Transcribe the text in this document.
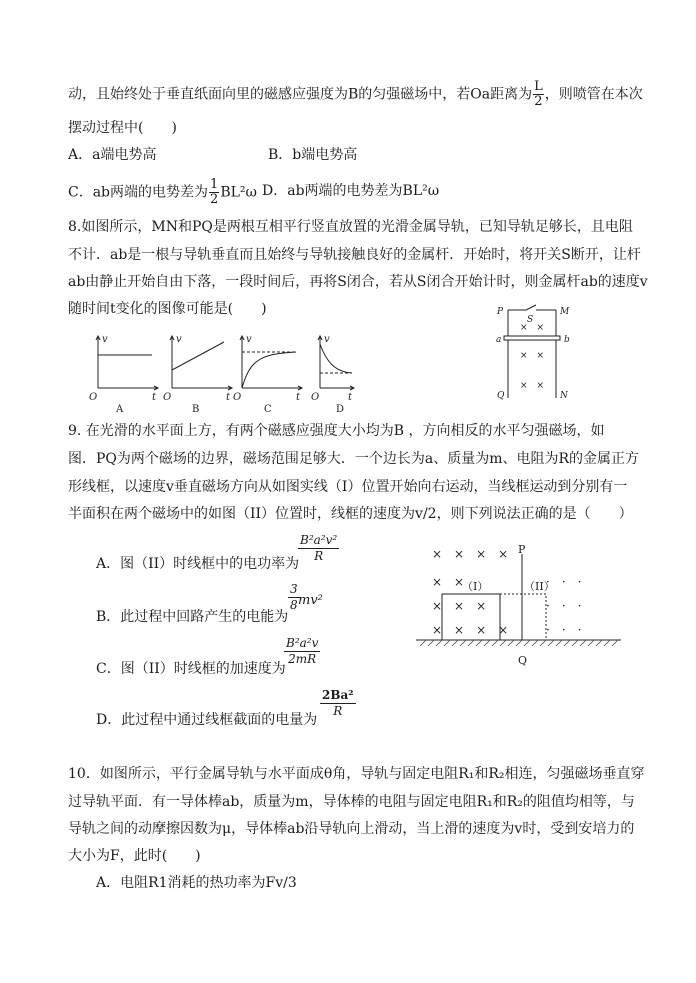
动，且始终处于垂直纸面向里的磁感应强度为B的匀强磁场中，若Oa距离为 $\frac{L}{2}$ ，则喷管在本次
摆动过程中(　　)
A．a端电势高	B．b端电势高
C．ab两端的电势差为 $\frac{1}{2} BL^2\omega$ D．ab两端的电势差为BL²ω
8.如图所示，MN和PQ是两根互相平行竖直放置的光滑金属导轨，已知导轨足够长，且电阻
不计．ab是一根与导轨垂直而且始终与导轨接触良好的金属杆．开始时，将开关S断开，让杆
ab由静止开始自由下落，一段时间后，再将S闭合，若从S闭合开始计时，则金属杆ab的速度v
随时间t变化的图像可能是(　　)
v
t
O
v
t
O
v
t
O
v
t
O
A	B	C	D
×　×
×　×
×　×
P
S
M
a	b
Q	N
9. 在光滑的水平面上方，有两个磁感应强度大小均为B ，方向相反的水平匀强磁场，如
图．PQ为两个磁场的边界，磁场范围足够大．一个边长为a、质量为m、电阻为R的金属正方
形线框，以速度v垂直磁场方向从如图实线（I）位置开始向右运动，当线框运动到分别有一
半面积在两个磁场中的如图（II）位置时，线框的速度为v/2，则下列说法正确的是（　　）
A．图（II）时线框中的电功率为
B²a²v²
R
B．此过程中回路产生的电能为
3
8 mv²
C．图（II）时线框的加速度为
B²a²v
2mR
D．此过程中通过线框截面的电量为
2Ba²
R
×　×　×　×
×　×
×　×　×
×　×　×　×
·　·　·
·　·　·
·　·　·
P
Q
（I）	（II）
10．如图所示，平行金属导轨与水平面成θ角，导轨与固定电阻R₁和R₂相连，匀强磁场垂直穿
过导轨平面．有一导体棒ab，质量为m，导体棒的电阻与固定电阻R₁和R₂的阻值均相等，与
导轨之间的动摩擦因数为μ，导体棒ab沿导轨向上滑动，当上滑的速度为v时，受到安培力的
大小为F，此时(　　)
A．电阻R1消耗的热功率为Fv/3
